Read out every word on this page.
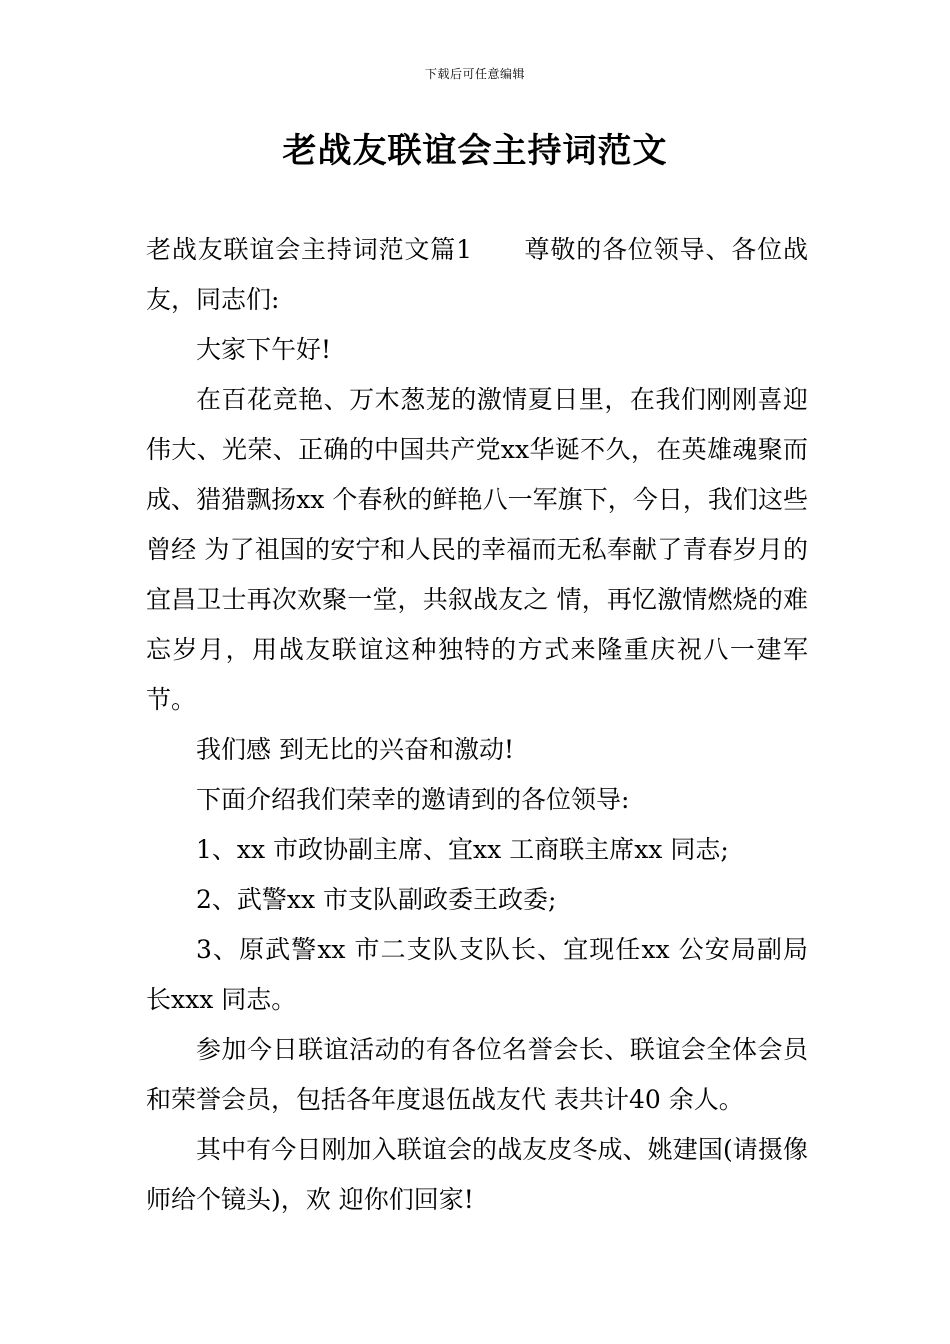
下载后可任意编辑
老战友联谊会主持词范文

老战友联谊会主持词范文篇1　　尊敬的各位领导、各位战友，同志们:

大家下午好!

在百花竞艳、万木葱茏的激情夏日里，在我们刚刚喜迎伟大、光荣、正确的中国共产党xx华诞不久，在英雄魂聚而成、猎猎飘扬xx 个春秋的鲜艳八一军旗下，今日，我们这些曾经 为了祖国的安宁和人民的幸福而无私奉献了青春岁月的宜昌卫士再次欢聚一堂，共叙战友之 情，再忆激情燃烧的难忘岁月，用战友联谊这种独特的方式来隆重庆祝八一建军节。

我们感 到无比的兴奋和激动!

下面介绍我们荣幸的邀请到的各位领导:

1、xx 市政协副主席、宜xx 工商联主席xx 同志;

2、武警xx 市支队副政委王政委;

3、原武警xx 市二支队支队长、宜现任xx 公安局副局长xxx 同志。

参加今日联谊活动的有各位名誉会长、联谊会全体会员和荣誉会员，包括各年度退伍战友代 表共计40 余人。

其中有今日刚加入联谊会的战友皮冬成、姚建国(请摄像师给个镜头)，欢 迎你们回家!
